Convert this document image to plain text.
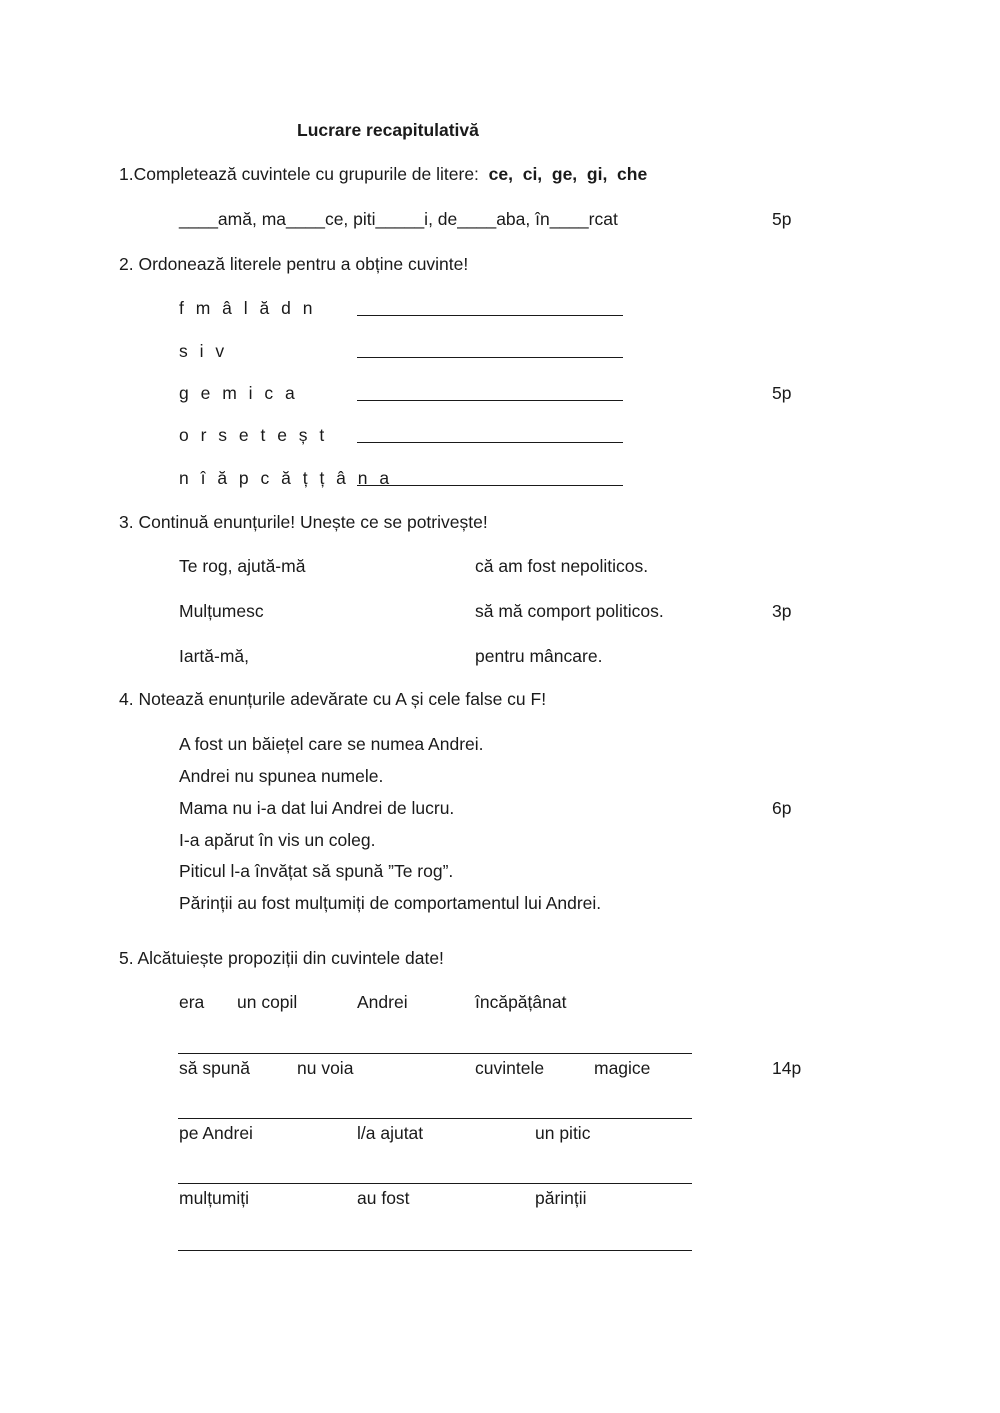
Lucrare recapitulativă
1.Completează cuvintele cu grupurile de litere: ce,  ci,  ge,  gi,  che
____amă, ma____ce, piti_____i, de____aba, în____rcat	5p
2. Ordonează literele pentru a obține cuvinte!
f m â l ă d n
s i v
g e m i c a	5p
o r s e t e ș t
n î ă p c ă ț ț â n a
3. Continuă enunțurile! Unește ce se potrivește!
Te rog, ajută-mă	că am fost nepoliticos.
Mulțumesc	să mă comport politicos.	3p
Iartă-mă,	pentru mâncare.
4. Notează enunțurile adevărate cu A și cele false cu F!
A fost un băiețel care se numea Andrei.
Andrei nu spunea numele.
Mama nu i-a dat lui Andrei de lucru.	6p
I-a apărut în vis un coleg.
Piticul l-a învățat să spună ”Te rog”.
Părinții au fost mulțumiți de comportamentul lui Andrei.
5. Alcătuiește propoziții din cuvintele date!
era un copil	Andrei	încăpățânat
să spună	nu voia	cuvintele	magice	14p
pe Andrei	l/a ajutat	un pitic
mulțumiți	au fost	părinții
